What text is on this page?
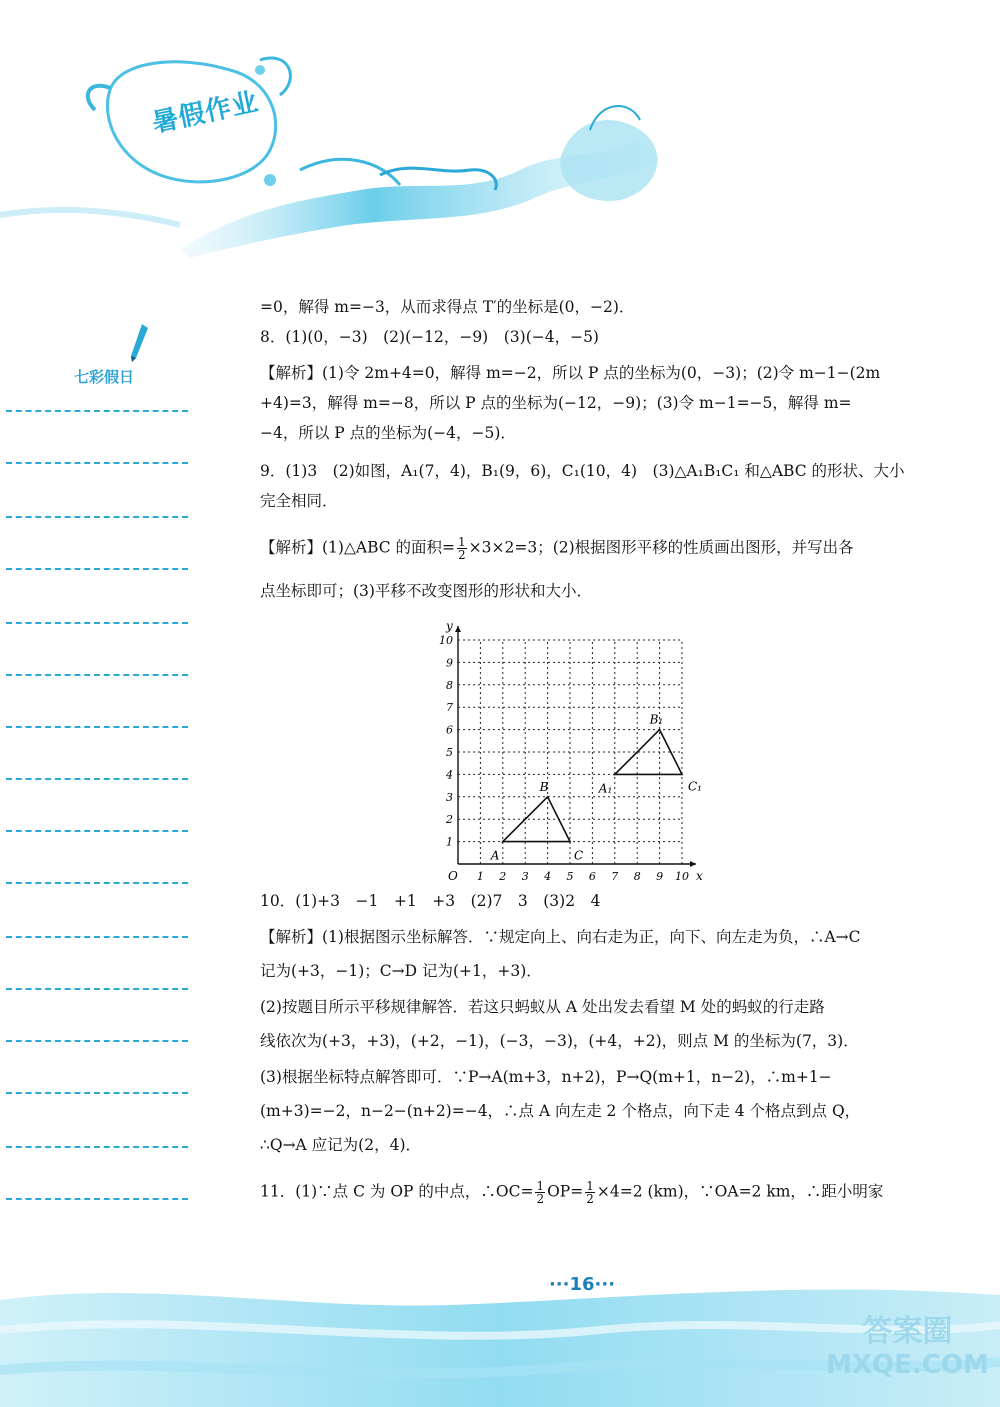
暑假作业
七彩假日
=0，解得 m=−3，从而求得点 T′的坐标是(0，−2)．
8．(1)(0，−3)　(2)(−12，−9)　(3)(−4，−5)
【解析】(1)令 2m+4=0，解得 m=−2，所以 P 点的坐标为(0，−3)；(2)令 m−1−(2m
+4)=3，解得 m=−8，所以 P 点的坐标为(−12，−9)；(3)令 m−1=−5，解得 m=
−4，所以 P 点的坐标为(−4，−5)．
9．(1)3　(2)如图，A₁(7，4)，B₁(9，6)，C₁(10，4)　(3)△A₁B₁C₁ 和△ABC 的形状、大小
完全相同．
【解析】(1)△ABC 的面积= $\frac{1}{2} \times 3\times 2=3$；(2)根据图形平移的性质画出图形，并写出各
点坐标即可；(3)平移不改变图形的形状和大小．
1 2 3 4 5 6 7 8 9 10
1
2
3
4
5
6
7
8
9
10
O	x
y
A
B
C
A₁
B₁
C₁
10．(1)+3　−1　+1　+3　(2)7　3　(3)2　4
【解析】(1)根据图示坐标解答．∵规定向上、向右走为正，向下、向左走为负，∴A→C
记为(+3，−1)；C→D 记为(+1，+3)．
(2)按题目所示平移规律解答．若这只蚂蚁从 A 处出发去看望 M 处的蚂蚁的行走路
线依次为(+3，+3)，(+2，−1)，(−3，−3)，(+4，+2)，则点 M 的坐标为(7，3)．
(3)根据坐标特点解答即可．∵P→A(m+3，n+2)，P→Q(m+1，n−2)，∴m+1−
(m+3)=−2，n−2−(n+2)=−4，∴点 A 向左走 2 个格点，向下走 4 个格点到点 Q，
∴Q→A 应记为(2，4)．
11．(1)∵点 C 为 OP 的中点，∴OC= $\frac{1}{2} OP= \frac{1}{2} \times 4=2$ (km)，∵OA=2 km，∴距小明家
···16···
答案圈
MXQE.COM
